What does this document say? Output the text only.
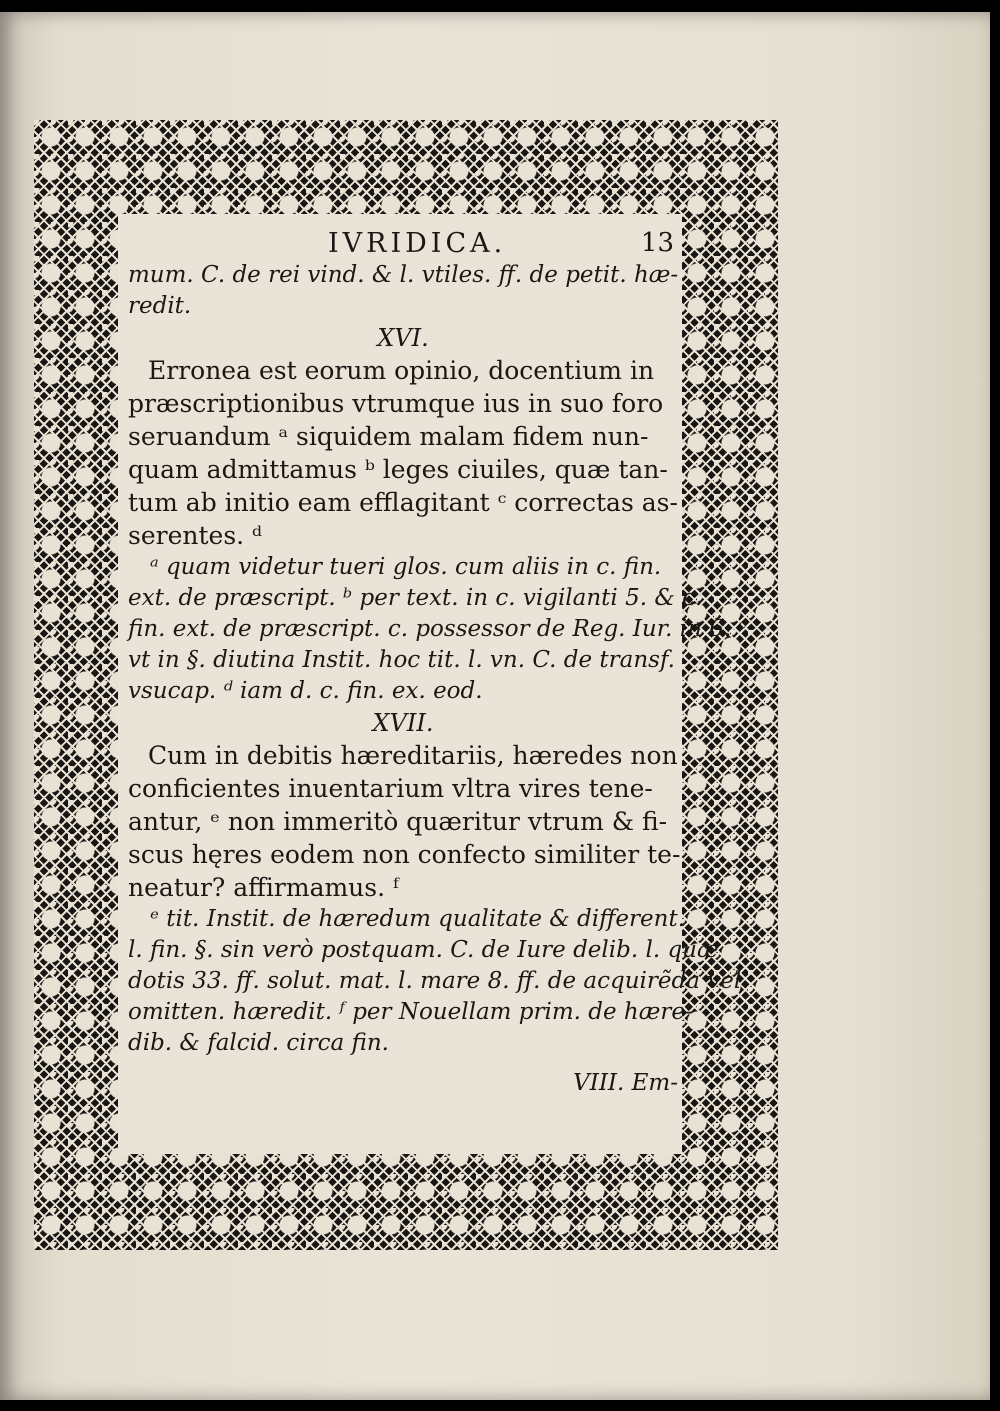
IVRIDICA.	13
mum. C. de rei vind. & l. vtiles. ff. de petit. hæ-
redit.
XVI.
Erronea est eorum opinio, docentium in
præscriptionibus vtrumque ius in suo foro
seruandum ᵃ siquidem malam fidem nun-
quam admittamus ᵇ leges ciuiles, quæ tan-
tum ab initio eam efflagitant ᶜ correctas as-
serentes. ᵈ
ᵃ quam videtur tueri glos. cum aliis in c. fin.
ext. de præscript. ᵇ per text. in c. vigilanti 5. & c.
fin. ext. de præscript. c. possessor de Reg. Iur. in 6. ᶜ
vt in §. diutina Instit. hoc tit. l. vn. C. de transf.
vsucap. ᵈ iam d. c. fin. ex. eod.
XVII.
Cum in debitis hæreditariis, hæredes non
conficientes inuentarium vltra vires tene-
antur, ᵉ non immeritò quæritur vtrum & fi-
scus hęres eodem non confecto similiter te-
neatur? affirmamus. ᶠ
ᵉ tit. Instit. de hæredum qualitate & different.
l. fin. §. sin verò postquam. C. de Iure delib. l. quæ
dotis 33. ff. solut. mat. l. mare 8. ff. de acquirẽda vel
omitten. hæredit. ᶠ per Nouellam prim. de hære-
dib. & falcid. circa fin.
VIII. Em-
